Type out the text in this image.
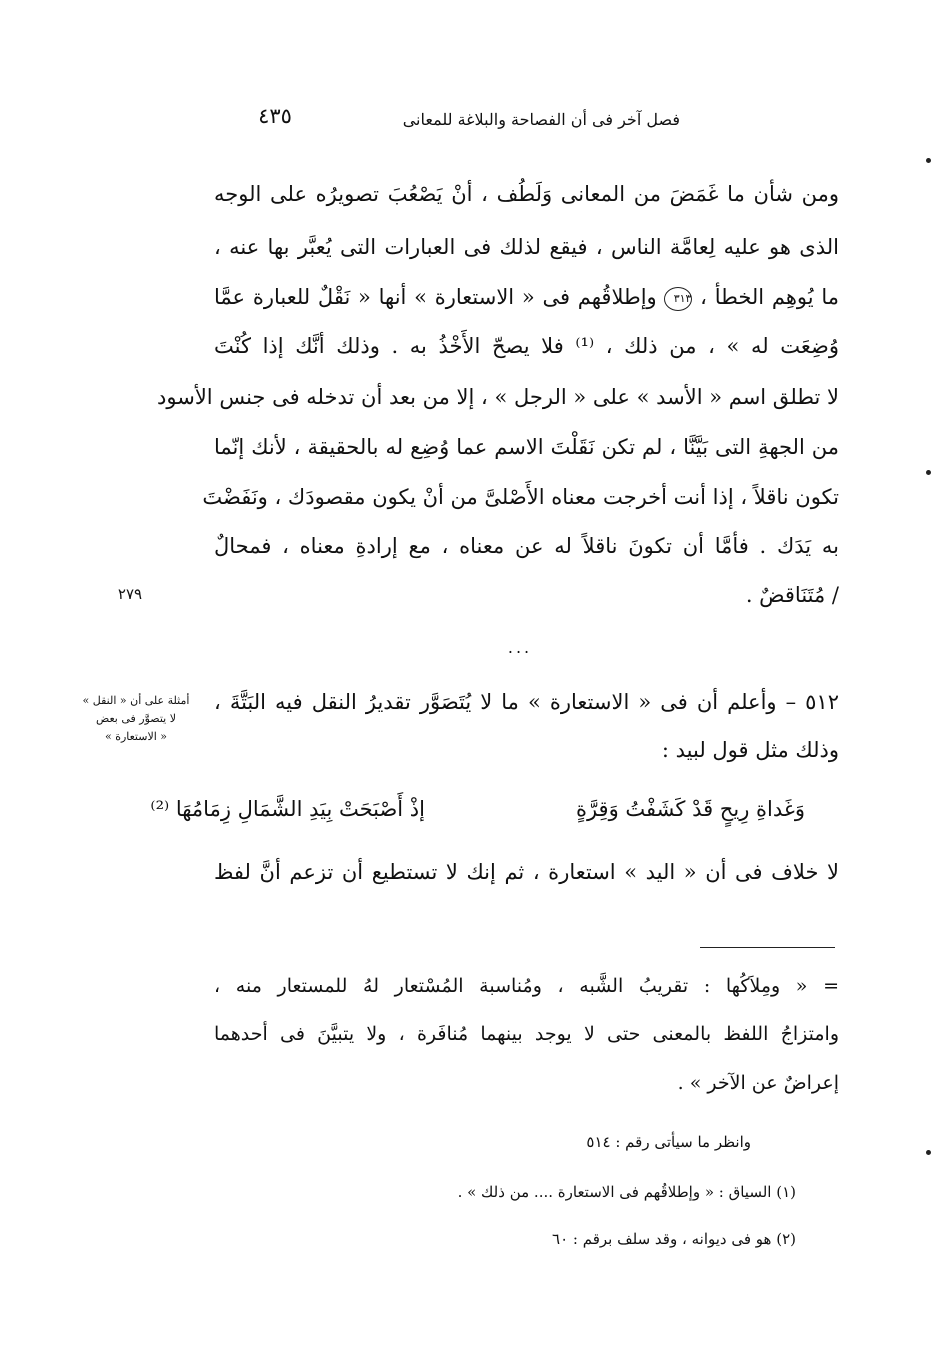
فصل آخر فى أن الفصاحة والبلاغة للمعانى
٤٣٥
ومن شأن ما غَمَضَ من المعانى وَلَطُف ، أنْ يَصْعُبَ تصويرُه على الوجه
الذى هو عليه لِعامَّة الناس ، فيقع لذلك فى العبارات التى يُعبَّر بها عنه ،
ما يُوهِم الخطأ ، ٣١٣ وإطلاقُهم فى « الاستعارة » أنها « نَقْلٌ للعبارة عمَّا
وُضِعَت له » ، من ذلك ، ⁽¹⁾ فلا يصحّ الأَخْذُ به . وذلك أنَّك إذا كُنْتَ
لا تطلق اسم « الأسد » على « الرجل » ، إلا من بعد أن تدخله فى جنس الأسود
من الجهةِ التى بَيَّنَّا ، لم تكن نَقَلْتَ الاسم عما وُضِع له بالحقيقة ، لأنك إنّما
تكون ناقلاً ، إذا أنت أخرجت معناه الأَصْلىَّ من أنْ يكون مقصودَك ، ونَفَضْتَ
به يَدَك . فأمَّا أن تكونَ ناقلاً له عن معناه ، مع إرادةِ معناه ، فمحالٌ
/ مُتَنَاقضٌ .
٢٧٩
...
أمثلة على أن « النقل »
لا يتصوَّر فى بعض
« الاستعارة »
٥١٢ – وأعلم أن فى « الاستعارة » ما لا يُتَصَوَّر تقديرُ النقل فيه البَتَّةَ ،
وذلك مثل قول لبيد :
وَغَداةِ رِيحٍ قَدْ كَشَفْتُ وَقِرَّةٍ
إذْ أَصْبَحَتْ بِيَدِ الشَّمَالِ زِمَامُهَا ⁽²⁾
لا خلاف فى أن « اليد » استعارة ، ثم إنك لا تستطيع أن تزعم أنَّ لفظ
= « ومِلاَكُها : تقريبُ الشَّبه ، ومُناسبة المُسْتعار لهُ للمستعار منه ،
وامتزاجُ اللفظ بالمعنى حتى لا يوجد بينهما مُنافَرة ، ولا يتبيَّنَ فى أحدهما
إعراضٌ عن الآخر » .
وانظر ما سيأتى رقم : ٥١٤
(١) السياق : « وإطلاقُهم فى الاستعارة .... من ذلك » .
(٢) هو فى ديوانه ، وقد سلف برقم : ٦٠
